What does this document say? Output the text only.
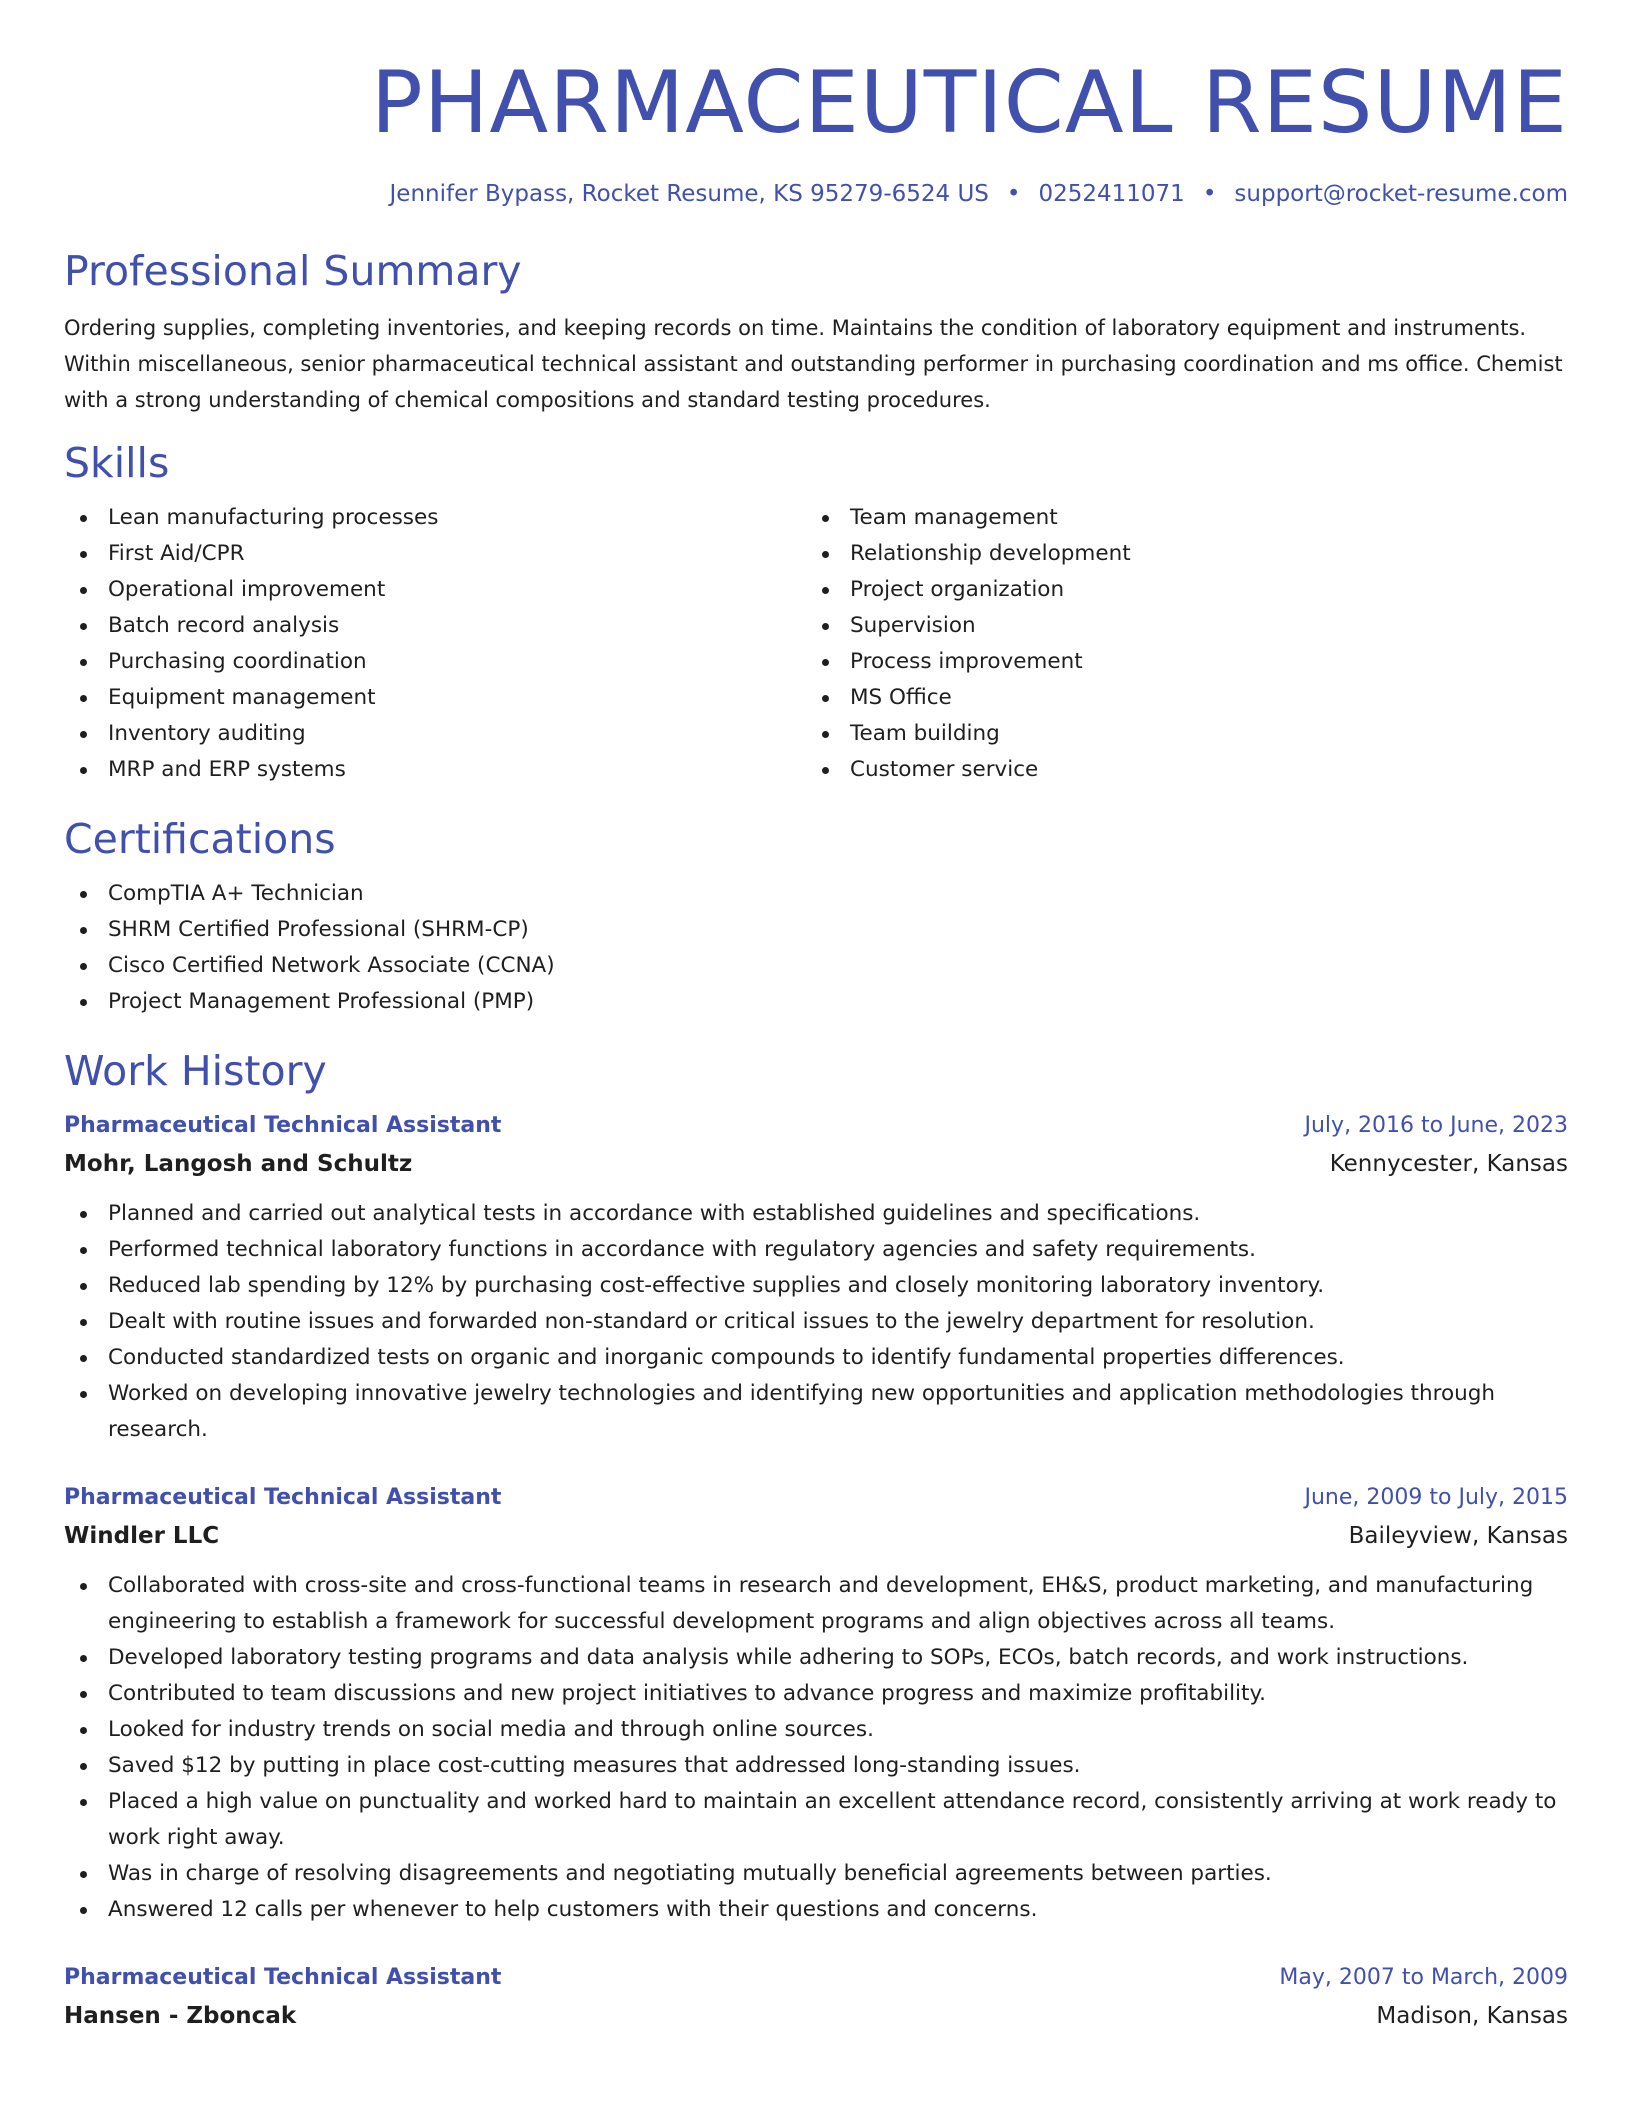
PHARMACEUTICAL RESUME
Jennifer Bypass, Rocket Resume, KS 95279-6524 US • 0252411071 • support@rocket-resume.com
Professional Summary

Ordering supplies, completing inventories, and keeping records on time. Maintains the condition of laboratory equipment and instruments. Within miscellaneous, senior pharmaceutical technical assistant and outstanding performer in purchasing coordination and ms office. Chemist with a strong understanding of chemical compositions and standard testing procedures.

Skills
Lean manufacturing processes
First Aid/CPR
Operational improvement
Batch record analysis
Purchasing coordination
Equipment management
Inventory auditing
MRP and ERP systems
Team management
Relationship development
Project organization
Supervision
Process improvement
MS Office
Team building
Customer service
Certifications
CompTIA A+ Technician
SHRM Certified Professional (SHRM-CP)
Cisco Certified Network Associate (CCNA)
Project Management Professional (PMP)
Work History
Pharmaceutical Technical Assistant	July, 2016 to June, 2023
Mohr, Langosh and Schultz	Kennycester, Kansas
Planned and carried out analytical tests in accordance with established guidelines and specifications.
Performed technical laboratory functions in accordance with regulatory agencies and safety requirements.
Reduced lab spending by 12% by purchasing cost-effective supplies and closely monitoring laboratory inventory.
Dealt with routine issues and forwarded non-standard or critical issues to the jewelry department for resolution.
Conducted standardized tests on organic and inorganic compounds to identify fundamental properties differences.
Worked on developing innovative jewelry technologies and identifying new opportunities and application methodologies through research.
Pharmaceutical Technical Assistant	June, 2009 to July, 2015
Windler LLC	Baileyview, Kansas
Collaborated with cross-site and cross-functional teams in research and development, EH&S, product marketing, and manufacturing engineering to establish a framework for successful development programs and align objectives across all teams.
Developed laboratory testing programs and data analysis while adhering to SOPs, ECOs, batch records, and work instructions.
Contributed to team discussions and new project initiatives to advance progress and maximize profitability.
Looked for industry trends on social media and through online sources.
Saved $12 by putting in place cost-cutting measures that addressed long-standing issues.
Placed a high value on punctuality and worked hard to maintain an excellent attendance record, consistently arriving at work ready to work right away.
Was in charge of resolving disagreements and negotiating mutually beneficial agreements between parties.
Answered 12 calls per whenever to help customers with their questions and concerns.
Pharmaceutical Technical Assistant	May, 2007 to March, 2009
Hansen - Zboncak	Madison, Kansas
